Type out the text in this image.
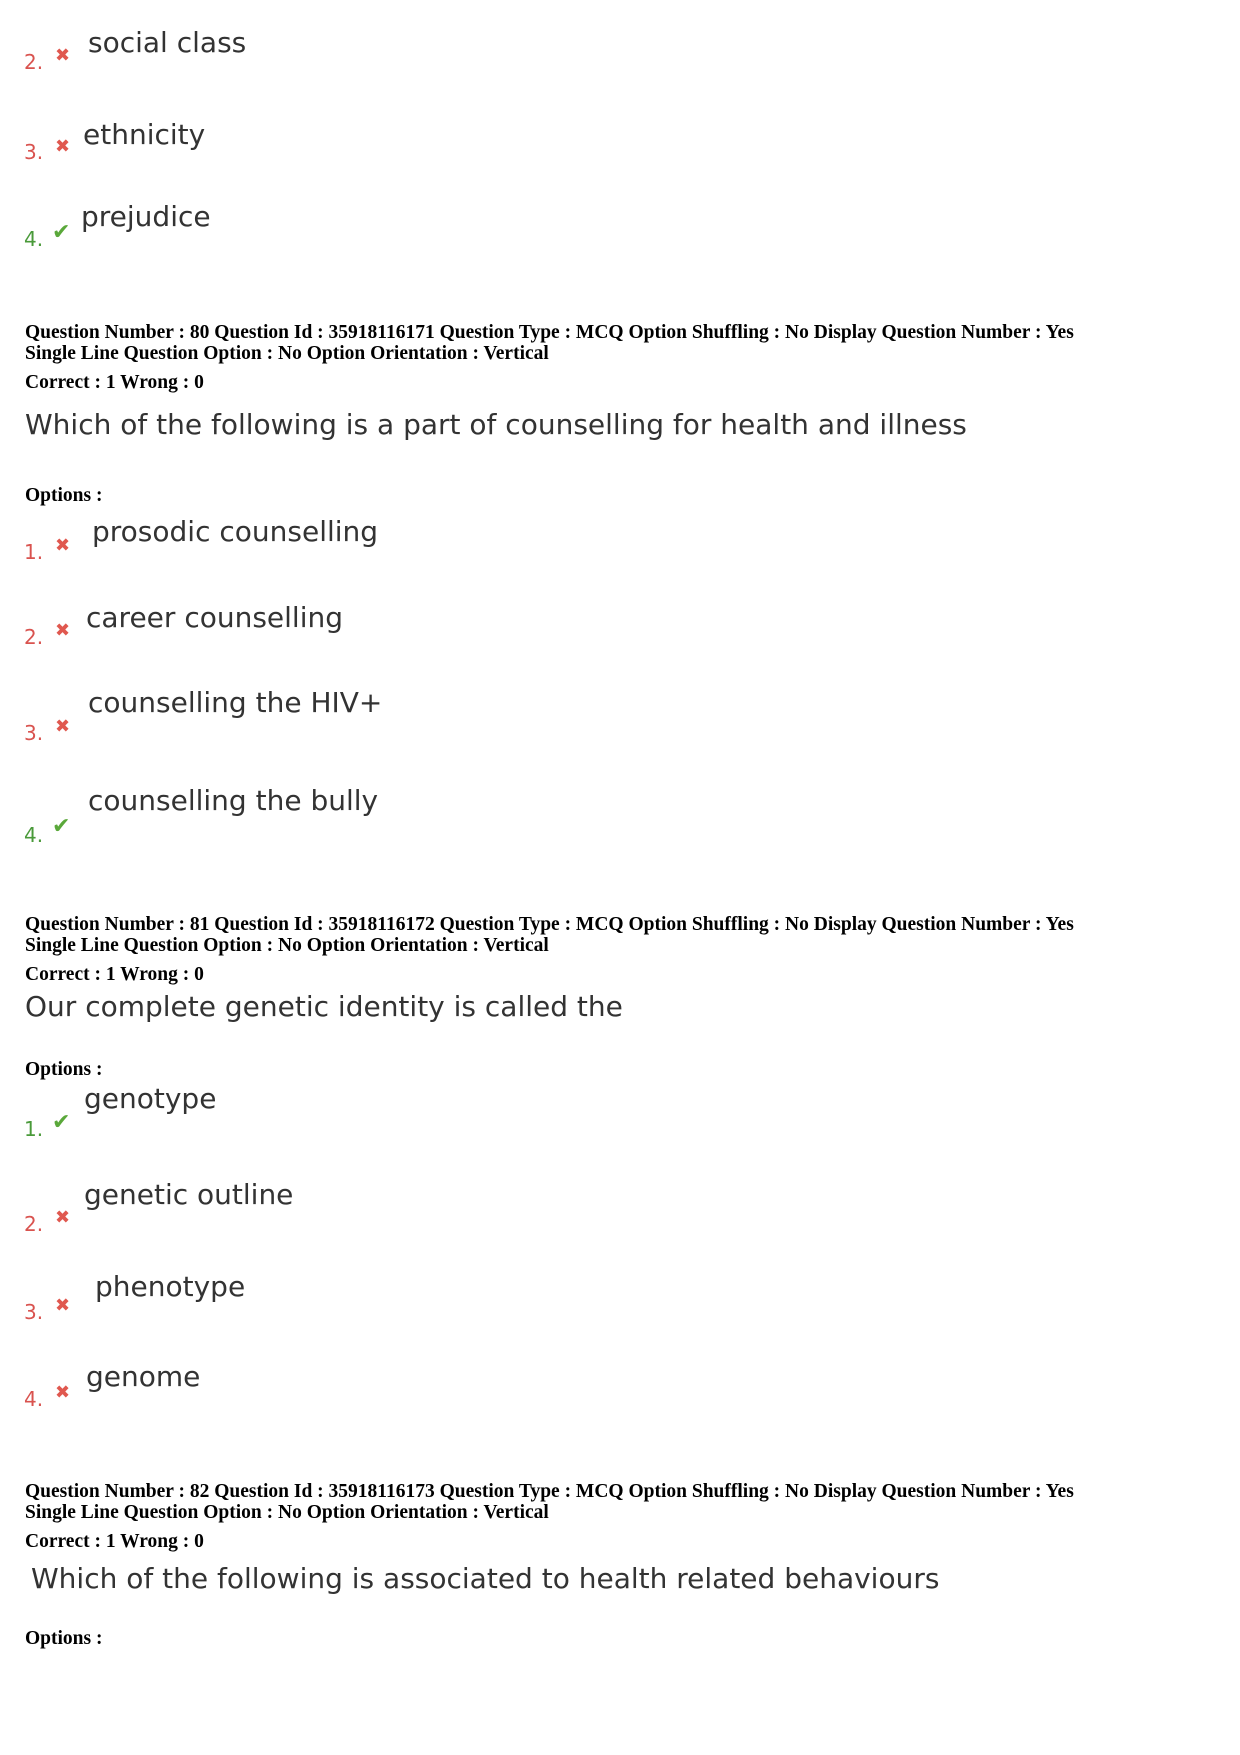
2. ✖ social class
3. ✖ ethnicity
4. ✔ prejudice
Question Number : 80 Question Id : 35918116171 Question Type : MCQ Option Shuffling : No Display Question Number : Yes
Single Line Question Option : No Option Orientation : Vertical
Correct : 1 Wrong : 0
Which of the following is a part of counselling for health and illness
Options :
1. ✖ prosodic counselling
2. ✖ career counselling
3. ✖
counselling the HIV+
4. ✔
counselling the bully
Question Number : 81 Question Id : 35918116172 Question Type : MCQ Option Shuffling : No Display Question Number : Yes
Single Line Question Option : No Option Orientation : Vertical
Correct : 1 Wrong : 0
Our complete genetic identity is called the
Options :
1. ✔
genotype
2. ✖
genetic outline
3. ✖
phenotype
4. ✖ genome
Question Number : 82 Question Id : 35918116173 Question Type : MCQ Option Shuffling : No Display Question Number : Yes
Single Line Question Option : No Option Orientation : Vertical
Correct : 1 Wrong : 0
Which of the following is associated to health related behaviours
Options :
